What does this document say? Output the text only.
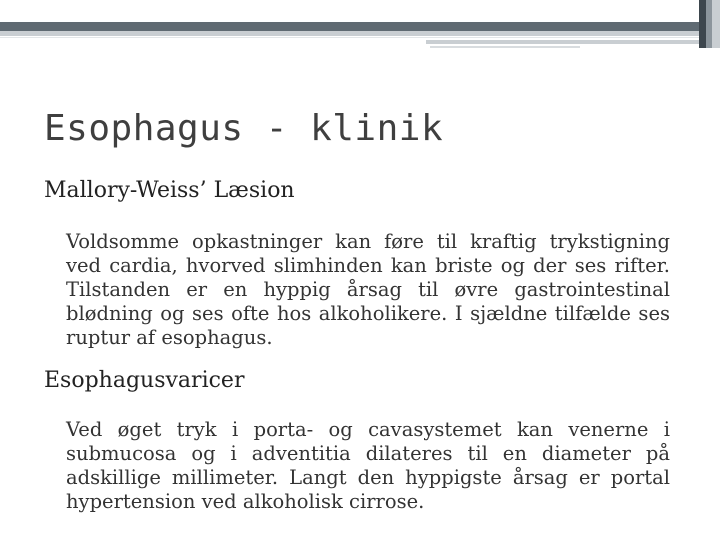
Esophagus - klinik
Mallory-Weiss’ Læsion

Voldsomme opkastninger kan føre til kraftig trykstigning ved cardia, hvorved slimhinden kan briste og der ses rifter. Tilstanden er en hyppig årsag til øvre gastrointestinal blødning og ses ofte hos alkoholikere. I sjældne tilfælde ses ruptur af esophagus.

Esophagusvaricer

Ved øget tryk i porta- og cavasystemet kan venerne i submucosa og i adventitia dilateres til en diameter på adskillige millimeter. Langt den hyppigste årsag er portal hypertension ved alkoholisk cirrose.
